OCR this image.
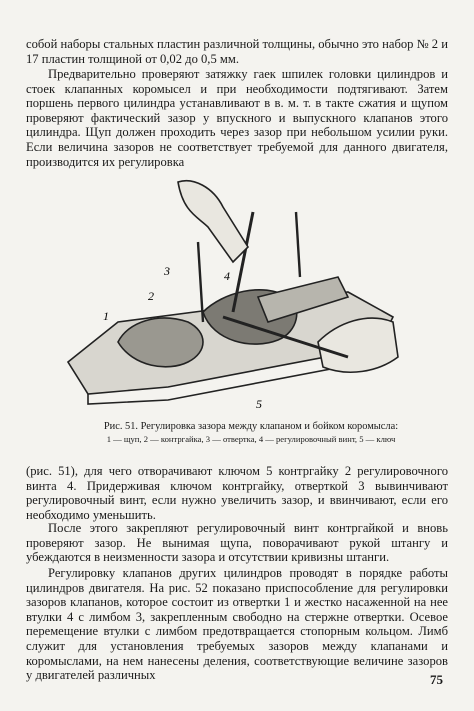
собой наборы стальных пластин различной толщины, обычно это набор № 2 и 17 пластин толщиной от 0,02 до 0,5 мм.

Предварительно проверяют затяжку гаек шпилек головки цилиндров и стоек клапанных коромысел и при необходимости подтягивают. Затем поршень первого цилиндра устанавливают в в. м. т. в такте сжатия и щупом проверяют фактический зазор у впускного и выпускного клапанов этого цилиндра. Щуп должен проходить через зазор при небольшом усилии руки. Если величина зазоров не соответствует требуемой для данного двигателя, производится их регулировка

1
2
3	4
5
Рис. 51. Регулировка зазора между клапаном и бойком коромысла:
1 — щуп, 2 — контргайка, 3 — отвертка, 4 — регулировочный винт, 5 — ключ

(рис. 51), для чего отворачивают ключом 5 контргайку 2 регулировочного винта 4. Придерживая ключом контргайку, отверткой 3 вывинчивают регулировочный винт, если нужно увеличить зазор, и ввинчивают, если его необходимо уменьшить.

После этого закрепляют регулировочный винт контргайкой и вновь проверяют зазор. Не вынимая щупа, поворачивают рукой штангу и убеждаются в неизменности зазора и отсутствии кривизны штанги.

Регулировку клапанов других цилиндров проводят в порядке работы цилиндров двигателя. На рис. 52 показано приспособление для регулировки зазоров клапанов, которое состоит из отвертки 1 и жестко насаженной на нее втулки 4 с лимбом 3, закрепленным свободно на стержне отвертки. Осевое перемещение втулки с лимбом предотвращается стопорным кольцом. Лимб служит для установления требуемых зазоров между клапанами и коромыслами, на нем нанесены деления, соответствующие величине зазоров у двигателей различных	75
